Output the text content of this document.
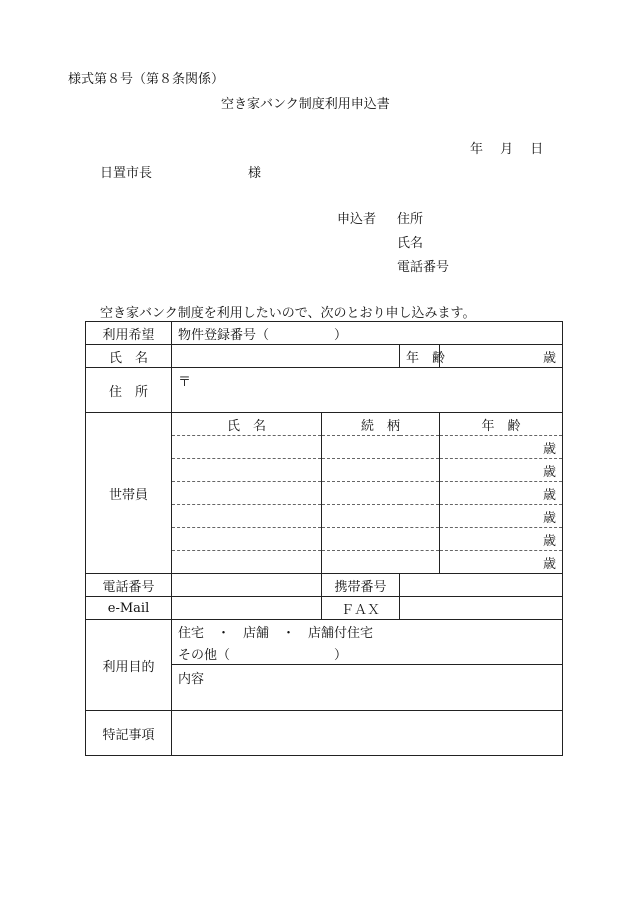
様式第８号（第８条関係）
空き家バンク制度利用申込書
年　 月　 日
日置市長	様
申込者 住所
氏名
電話番号
空き家バンク制度を利用したいので、次のとおり申し込みます。
利用希望	物件登録番号（　　　　　）			
氏　名			年　齢	歳
住　所	〒			
世帯員	氏　名	続　柄		年　齢
				歳
				歳
				歳
				歳
				歳
				歳
電話番号		携帯番号		
e-Mail		ＦＡＸ		
利用目的	住宅　・　店舗　・　店舗付住宅			
	その他（　　　　　　　　）			
	内容			
特記事項				
